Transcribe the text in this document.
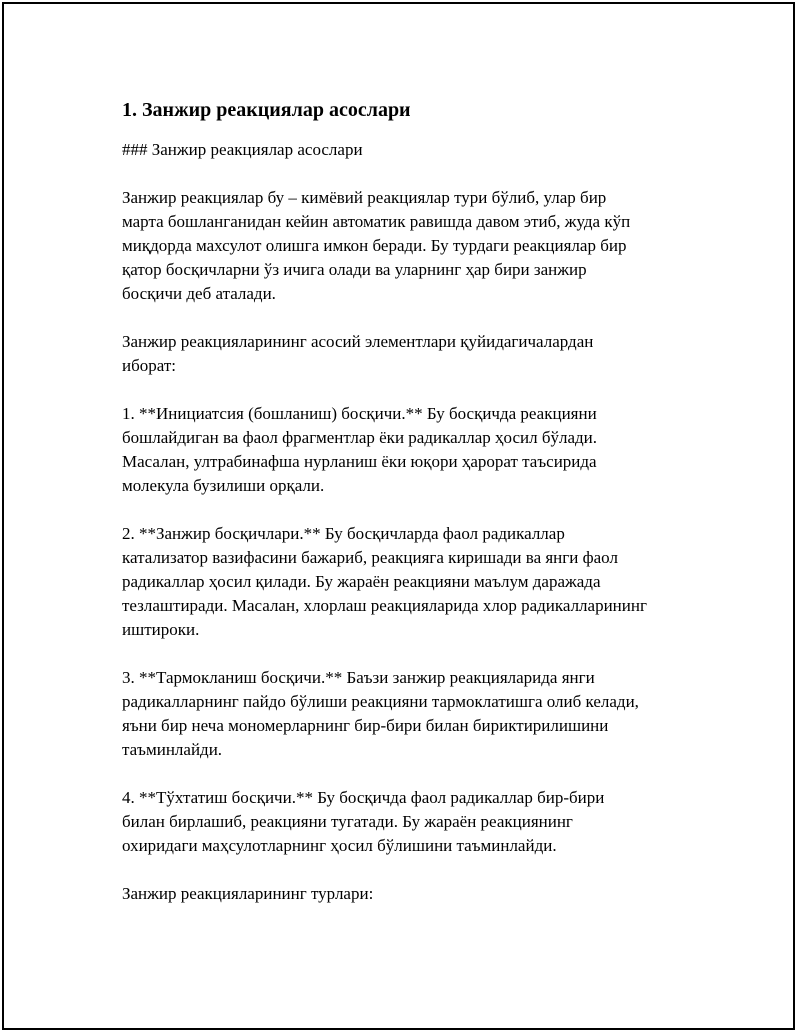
1. Занжир реакциялар асослари
### Занжир реакциялар асослари
Занжир реакциялар бу – кимёвий реакциялар тури бўлиб, улар бир
марта бошланганидан кейин автоматик равишда давом этиб, жуда кўп
миқдорда махсулот олишга имкон беради. Бу турдаги реакциялар бир
қатор босқичларни ўз ичига олади ва уларнинг ҳар бири занжир
босқичи деб аталади.
Занжир реакцияларининг асосий элементлари қуйидагичалардан
иборат:
1. **Инициатсия (бошланиш) босқичи.** Бу босқичда реакцияни
бошлайдиган ва фаол фрагментлар ёки радикаллар ҳосил бўлади.
Масалан, ултрабинафша нурланиш ёки юқори ҳарорат таъсирида
молекула бузилиши орқали.
2. **Занжир босқичлари.** Бу босқичларда фаол радикаллар
катализатор вазифасини бажариб, реакцияга киришади ва янги фаол
радикаллар ҳосил қилади. Бу жараён реакцияни маълум даражада
тезлаштиради. Масалан, хлорлаш реакцияларида хлор радикалларининг
иштироки.
3. **Тармокланиш босқичи.** Баъзи занжир реакцияларида янги
радикалларнинг пайдо бўлиши реакцияни тармоклатишга олиб келади,
яъни бир неча мономерларнинг бир-бири билан бириктирилишини
таъминлайди.
4. **Тўхтатиш босқичи.** Бу босқичда фаол радикаллар бир-бири
билан бирлашиб, реакцияни тугатади. Бу жараён реакциянинг
охиридаги маҳсулотларнинг ҳосил бўлишини таъминлайди.
Занжир реакцияларининг турлари:
